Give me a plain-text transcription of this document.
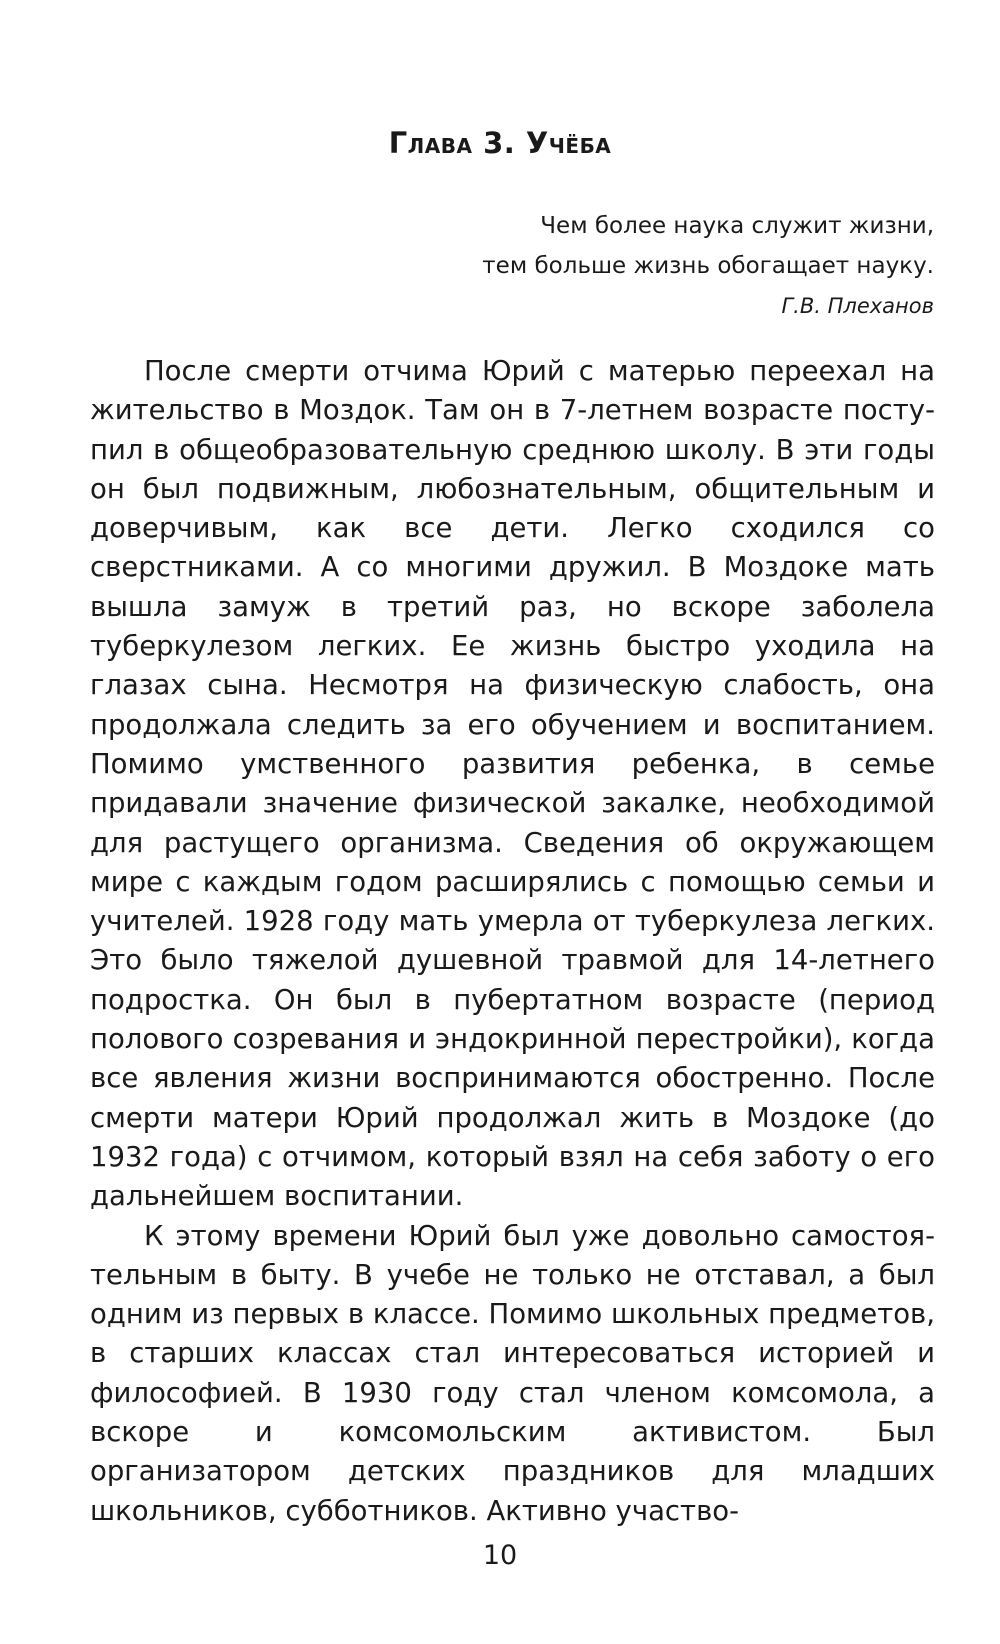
Глава 3. Учёба
Чем более наука служит жизни,
тем больше жизнь обогащает науку.
Г.В. Плеханов

После смерти отчима Юрий с матерью переехал на жительство в Моздок. Там он в 7-летнем возрасте поступил в общеобразовательную среднюю школу. В эти годы он был подвижным, любознательным, общительным и доверчивым, как все дети. Легко сходился со сверстниками. А со многими дружил. В Моздоке мать вышла замуж в третий раз, но вскоре заболела туберкулезом легких. Ее жизнь быстро уходила на глазах сына. Несмотря на физическую слабость, она продолжала следить за его обучением и воспитанием. Помимо умственного развития ребенка, в семье придавали значение физической закалке, необходимой для растущего организма. Сведения об окружающем мире с каждым годом расширялись с помощью семьи и учителей. 1928 году мать умерла от туберкулеза легких. Это было тяжелой душевной травмой для 14-летнего подростка. Он был в пубертатном возрасте (период полового созревания и эндокринной перестройки), когда все явления жизни воспринимаются обостренно. После смерти матери Юрий продолжал жить в Моздоке (до 1932 года) с отчимом, который взял на себя заботу о его дальнейшем воспитании.

К этому времени Юрий был уже довольно самостоятельным в быту. В учебе не только не отставал, а был одним из первых в классе. Помимо школьных предметов, в старших классах стал интересоваться историей и философией. В 1930 году стал членом комсомола, а вскоре и комсомольским активистом. Был организатором детских праздников для младших школьников, субботников. Активно участво-

10
